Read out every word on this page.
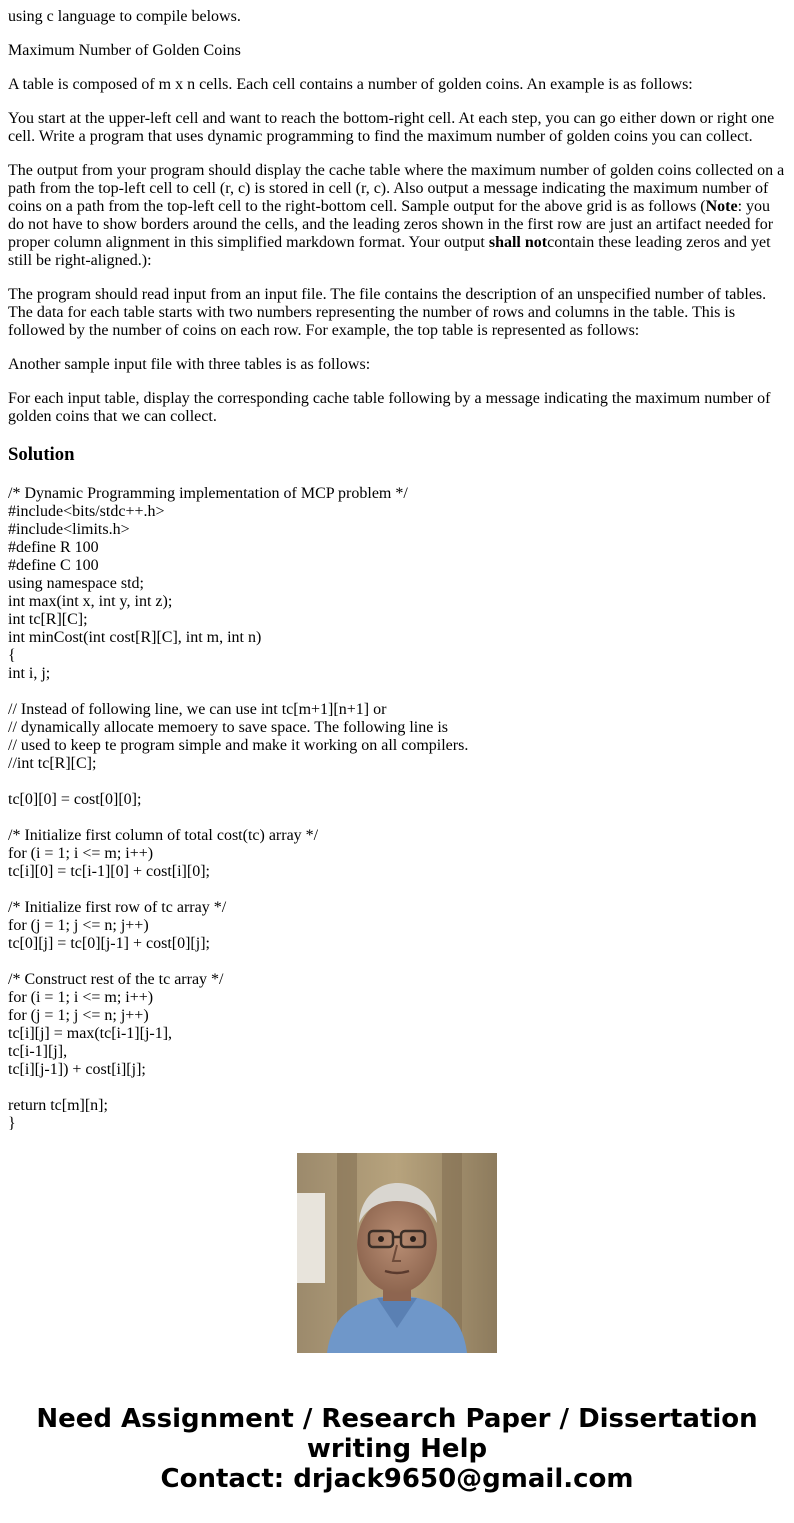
using c language to compile belows.

Maximum Number of Golden Coins

A table is composed of m x n cells. Each cell contains a number of golden coins. An example is as follows:

You start at the upper-left cell and want to reach the bottom-right cell. At each step, you can go either down or right one cell. Write a program that uses dynamic programming to find the maximum number of golden coins you can collect.

The output from your program should display the cache table where the maximum number of golden coins collected on a path from the top-left cell to cell (r, c) is stored in cell (r, c). Also output a message indicating the maximum number of coins on a path from the top-left cell to the right-bottom cell. Sample output for the above grid is as follows (Note: you do not have to show borders around the cells, and the leading zeros shown in the first row are just an artifact needed for proper column alignment in this simplified markdown format. Your output shall notcontain these leading zeros and yet still be right-aligned.):

The program should read input from an input file. The file contains the description of an unspecified number of tables. The data for each table starts with two numbers representing the number of rows and columns in the table. This is followed by the number of coins on each row. For example, the top table is represented as follows:

Another sample input file with three tables is as follows:

For each input table, display the corresponding cache table following by a message indicating the maximum number of golden coins that we can collect.

Solution
/* Dynamic Programming implementation of MCP problem */
#include<bits/stdc++.h>
#include<limits.h>
#define R 100
#define C 100
using namespace std;
int max(int x, int y, int z);
int tc[R][C];
int minCost(int cost[R][C], int m, int n)
{
int i, j;
// Instead of following line, we can use int tc[m+1][n+1] or
// dynamically allocate memoery to save space. The following line is
// used to keep te program simple and make it working on all compilers.
//int tc[R][C];
tc[0][0] = cost[0][0];
/* Initialize first column of total cost(tc) array */
for (i = 1; i <= m; i++)
tc[i][0] = tc[i-1][0] + cost[i][0];
/* Initialize first row of tc array */
for (j = 1; j <= n; j++)
tc[0][j] = tc[0][j-1] + cost[0][j];
/* Construct rest of the tc array */
for (i = 1; i <= m; i++)
for (j = 1; j <= n; j++)
tc[i][j] = max(tc[i-1][j-1],
tc[i-1][j],
tc[i][j-1]) + cost[i][j];
return tc[m][n];
}
Need Assignment / Research Paper / Dissertation
writing Help
Contact: drjack9650@gmail.com
